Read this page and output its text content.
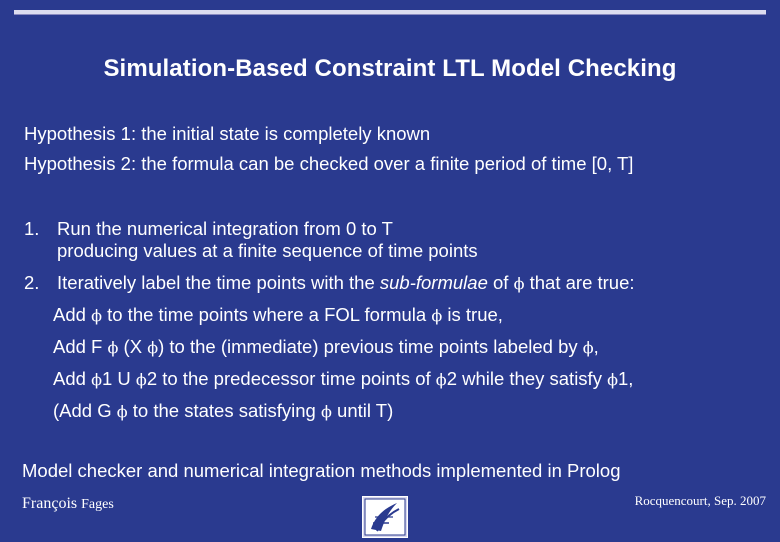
Simulation-Based Constraint LTL Model Checking
Hypothesis 1: the initial state is completely known
Hypothesis 2: the formula can be checked over a finite period of time [0, T]
1. Run the numerical integration from 0 to T
producing values at a finite sequence of time points
2. Iteratively label the time points with the sub-formulae of ϕ that are true:
Add ϕ to the time points where a FOL formula ϕ is true,
Add F ϕ (X ϕ) to the (immediate) previous time points labeled by ϕ,
Add ϕ1 U ϕ2 to the predecessor time points of ϕ2 while they satisfy ϕ1,
(Add G ϕ to the states satisfying ϕ until T)
Model checker and numerical integration methods implemented in Prolog
François Fages	Rocquencourt, Sep. 2007
